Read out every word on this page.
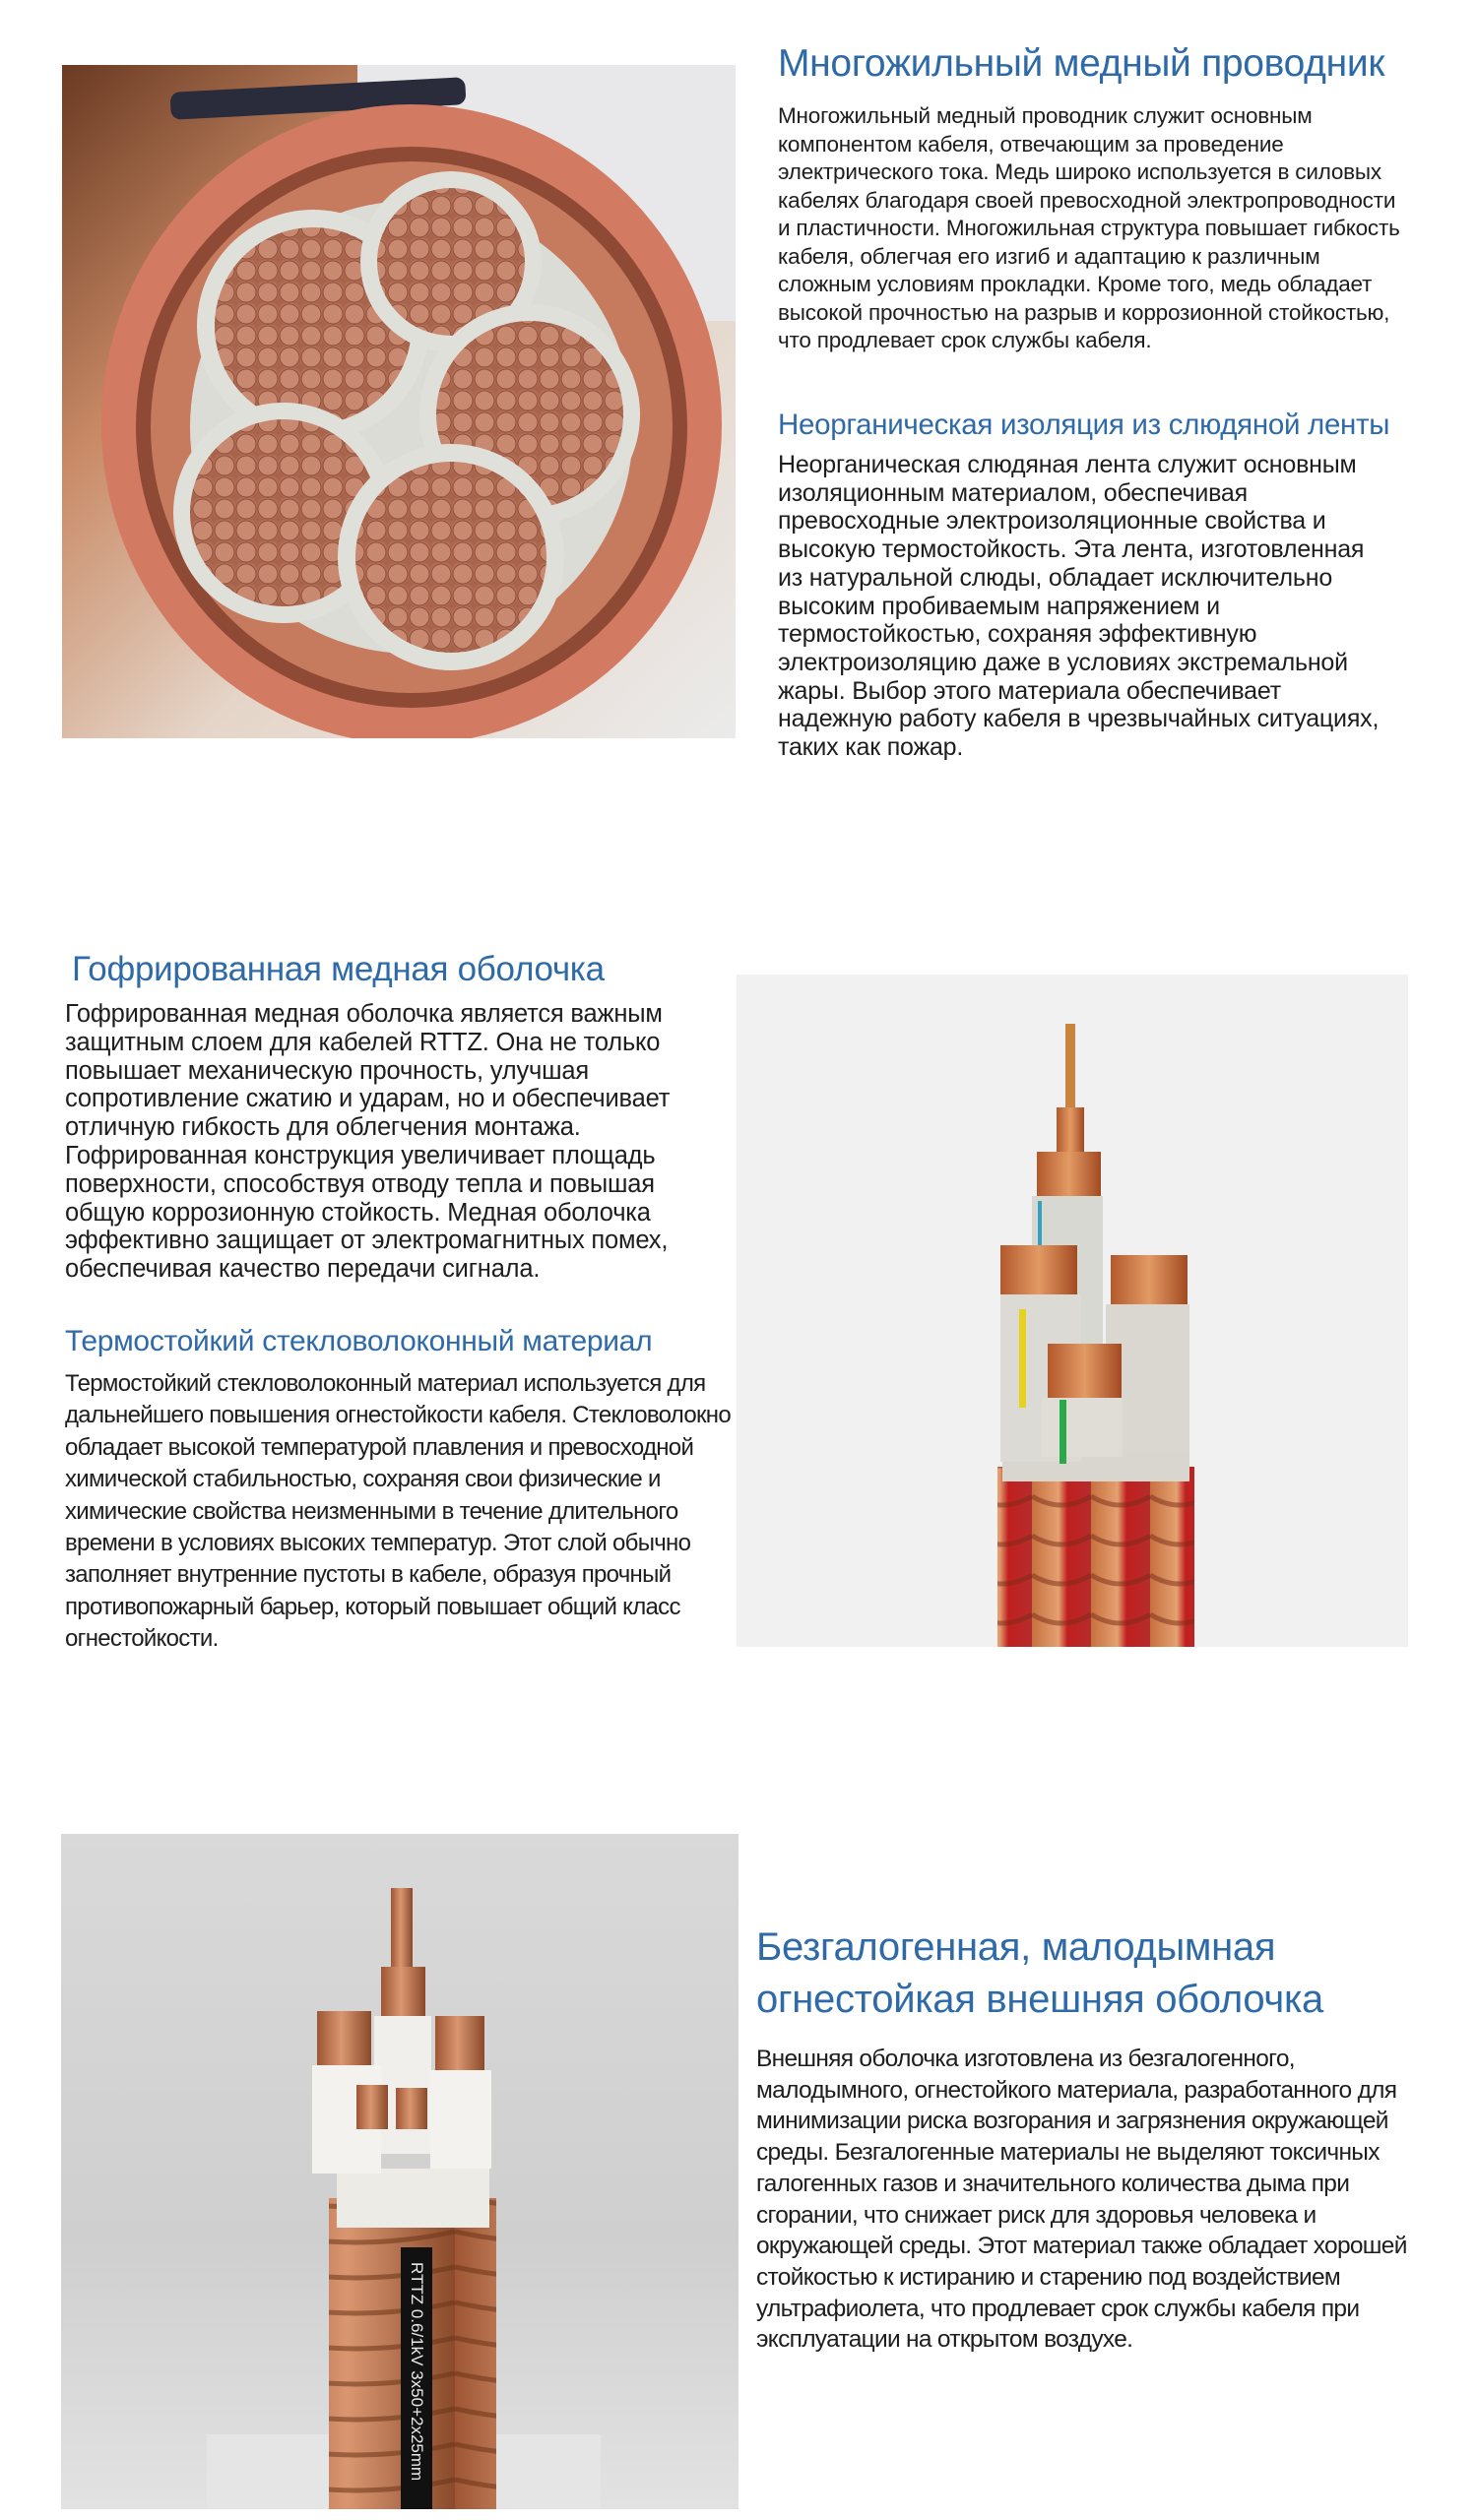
Многожильный медный проводник

Многожильный медный проводник служит основным компонентом кабеля, отвечающим за проведение электрического тока. Медь широко используется в силовых кабелях благодаря своей превосходной электропроводности и пластичности. Многожильная структура повышает гибкость кабеля, облегчая его изгиб и адаптацию к различным сложным условиям прокладки. Кроме того, медь обладает высокой прочностью на разрыв и коррозионной стойкостью, что продлевает срок службы кабеля.

Неорганическая изоляция из слюдяной ленты

Неорганическая слюдяная лента служит основным изоляционным материалом, обеспечивая превосходные электроизоляционные свойства и высокую термостойкость. Эта лента, изготовленная из натуральной слюды, обладает исключительно высоким пробиваемым напряжением и термостойкостью, сохраняя эффективную электроизоляцию даже в условиях экстремальной жары. Выбор этого материала обеспечивает надежную работу кабеля в чрезвычайных ситуациях, таких как пожар.

Гофрированная медная оболочка

Гофрированная медная оболочка является важным защитным слоем для кабелей RTTZ. Она не только повышает механическую прочность, улучшая сопротивление сжатию и ударам, но и обеспечивает отличную гибкость для облегчения монтажа. Гофрированная конструкция увеличивает площадь поверхности, способствуя отводу тепла и повышая общую коррозионную стойкость. Медная оболочка эффективно защищает от электромагнитных помех, обеспечивая качество передачи сигнала.

Термостойкий стекловолоконный материал

Термостойкий стекловолоконный материал используется для дальнейшего повышения огнестойкости кабеля. Стекловолокно обладает высокой температурой плавления и превосходной химической стабильностью, сохраняя свои физические и химические свойства неизменными в течение длительного времени в условиях высоких температур. Этот слой обычно заполняет внутренние пустоты в кабеле, образуя прочный противопожарный барьер, который повышает общий класс огнестойкости.

RTTZ 0.6/1kV 3x50+2x25mm
Безгалогенная, малодымная огнестойкая внешняя оболочка

Внешняя оболочка изготовлена из безгалогенного, малодымного, огнестойкого материала, разработанного для минимизации риска возгорания и загрязнения окружающей среды. Безгалогенные материалы не выделяют токсичных галогенных газов и значительного количества дыма при сгорании, что снижает риск для здоровья человека и окружающей среды. Этот материал также обладает хорошей стойкостью к истиранию и старению под воздействием ультрафиолета, что продлевает срок службы кабеля при эксплуатации на открытом воздухе.
